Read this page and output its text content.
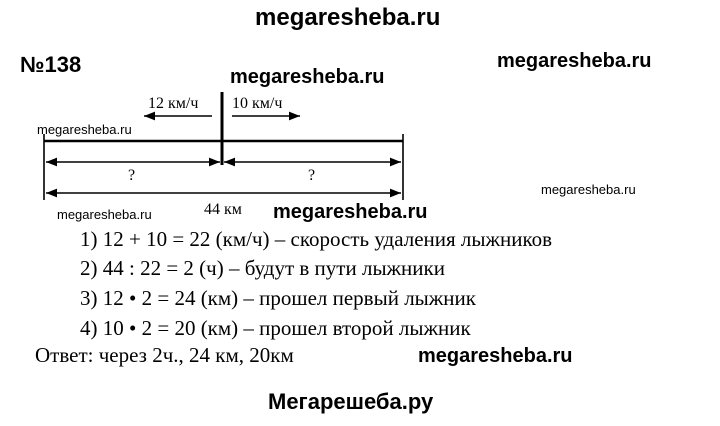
megaresheba.ru
№138	megaresheba.ru
12 км/ч 10 км/ч
?	?
44 км
megaresheba.ru
megaresheba.ru
megaresheba.ru
megaresheba.ru	megaresheba.ru
1) 12 + 10 = 22 (км/ч) – скорость удаления лыжников
2) 44 : 22 = 2 (ч) – будут в пути лыжники
3) 12 • 2 = 24 (км) – прошел первый лыжник
4) 10 • 2 = 20 (км) – прошел второй лыжник
Ответ: через 2ч., 24 км, 20км	megaresheba.ru
Мегарешеба.ру
